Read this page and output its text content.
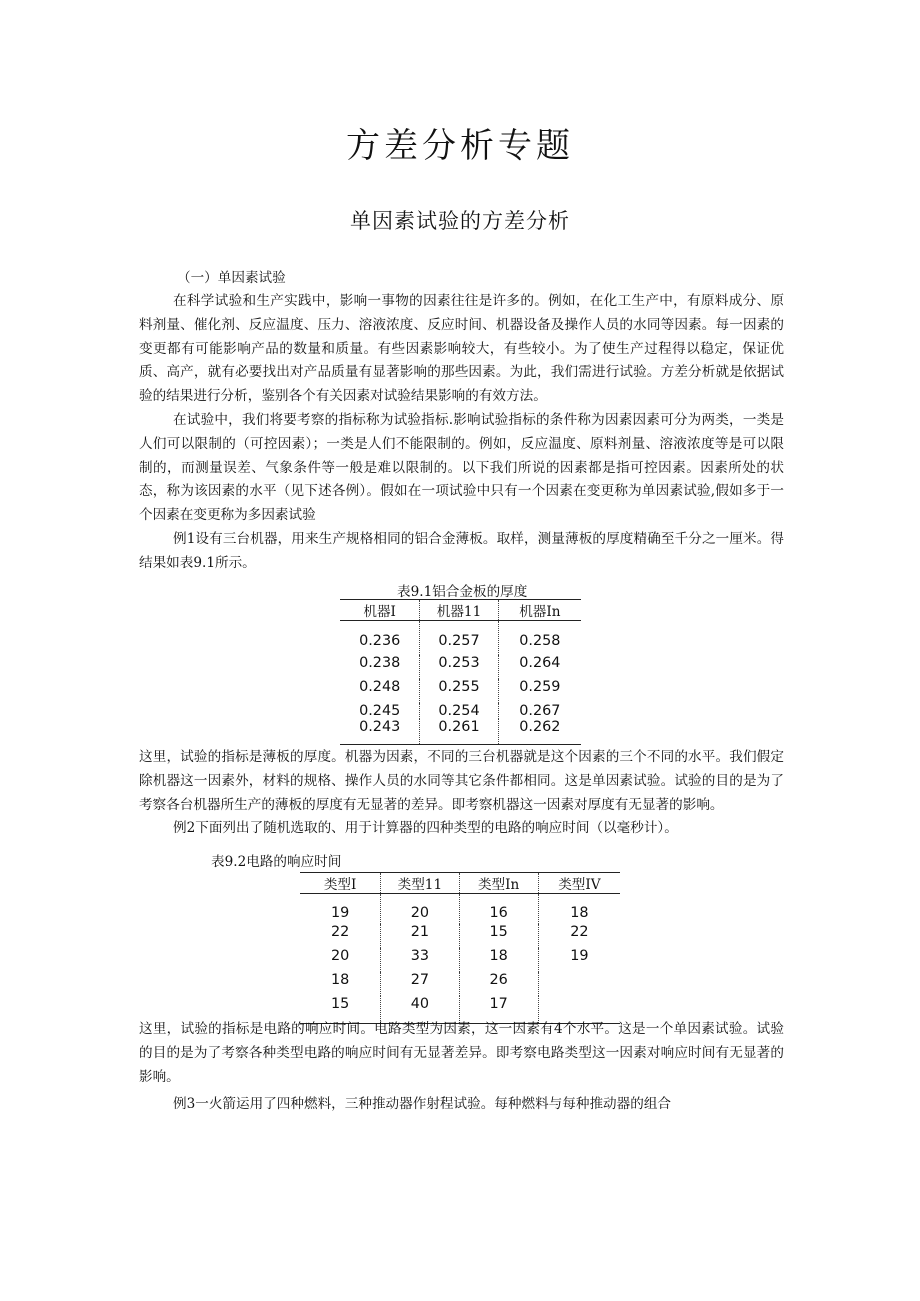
方差分析专题
单因素试验的方差分析
（一）单因素试验

在科学试验和生产实践中，影响一事物的因素往往是许多的。例如，在化工生产中，有原料成分、原料剂量、催化剂、反应温度、压力、溶液浓度、反应时间、机器设备及操作人员的水同等因素。每一因素的变更都有可能影响产品的数量和质量。有些因素影响较大，有些较小。为了使生产过程得以稳定，保证优质、高产，就有必要找出对产品质量有显著影响的那些因素。为此，我们需进行试验。方差分析就是依据试验的结果进行分析，鉴别各个有关因素对试验结果影响的有效方法。

在试验中，我们将要考察的指标称为试验指标.影响试验指标的条件称为因素因素可分为两类，一类是人们可以限制的（可控因素）；一类是人们不能限制的。例如，反应温度、原料剂量、溶液浓度等是可以限制的，而测量误差、气象条件等一般是难以限制的。以下我们所说的因素都是指可控因素。因素所处的状态，称为该因素的水平（见下述各例）。假如在一项试验中只有一个因素在变更称为单因素试验,假如多于一个因素在变更称为多因素试验

例1设有三台机器，用来生产规格相同的铝合金薄板。取样，测量薄板的厚度精确至千分之一厘米。得结果如表9.1所示。

表9.1铝合金板的厚度
机器I	机器11	机器In
0.236	0.257	0.258
0.238	0.253	0.264
0.248	0.255	0.259
0.245	0.254	0.267
0.243	0.261	0.262

这里，试验的指标是薄板的厚度。机器为因素，不同的三台机器就是这个因素的三个不同的水平。我们假定除机器这一因素外，材料的规格、操作人员的水同等其它条件都相同。这是单因素试验。试验的目的是为了考察各台机器所生产的薄板的厚度有无显著的差异。即考察机器这一因素对厚度有无显著的影响。

例2下面列出了随机选取的、用于计算器的四种类型的电路的响应时间（以毫秒计）。

表9.2电路的响应时间
类型I	类型11	类型In	类型IV
19	20	16	18
22	21	15	22
20	33	18	19
18	27	26	
15	40	17	

这里，试验的指标是电路的响应时间。电路类型为因素，这一因素有4个水平。这是一个单因素试验。试验的目的是为了考察各种类型电路的响应时间有无显著差异。即考察电路类型这一因素对响应时间有无显著的影响。

例3一火箭运用了四种燃料，三种推动器作射程试验。每种燃料与每种推动器的组合
